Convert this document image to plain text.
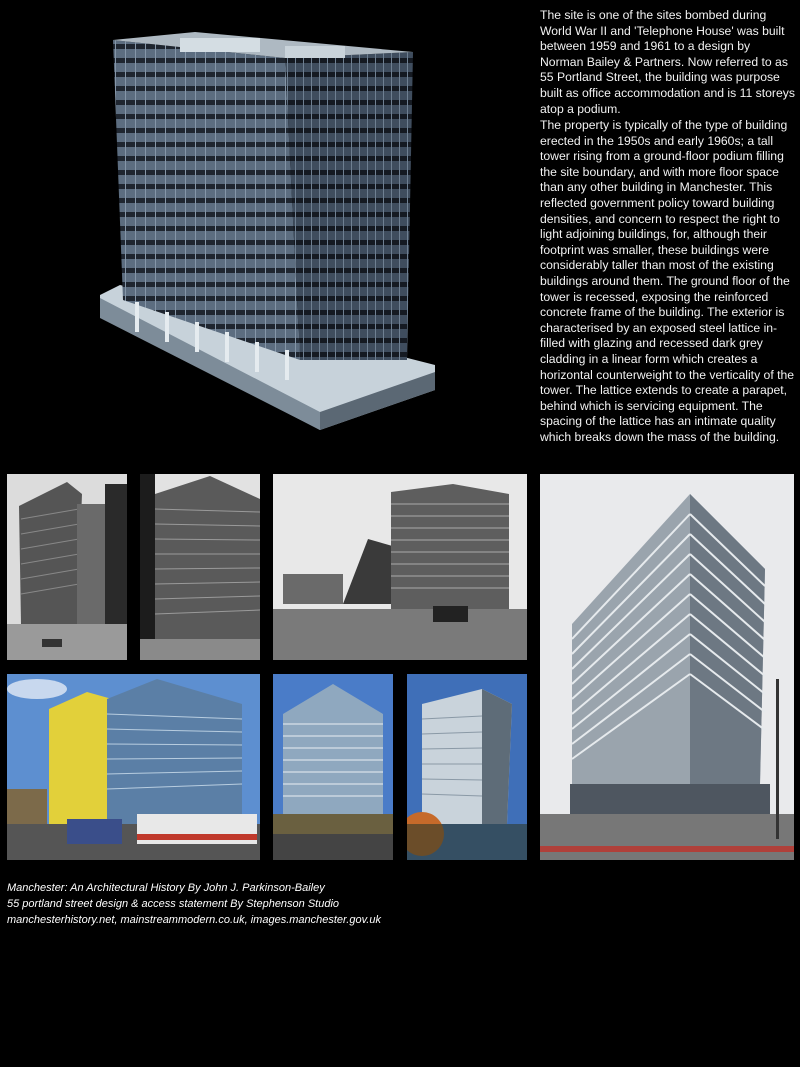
The site is one of the sites bombed during World War II and 'Telephone House' was built between 1959 and 1961 to a design by Norman Bailey & Partners. Now referred to as 55 Portland Street, the building was purpose built as office accommodation and is 11 storeys atop a podium.

The property is typically of the type of building erected in the 1950s and early 1960s; a tall tower rising from a ground-floor podium filling the site boundary, and with more floor space than any other building in Manchester. This reflected government policy toward building densities, and concern to respect the right to light adjoining buildings, for, although their footprint was smaller, these buildings were considerably taller than most of the existing buildings around them. The ground floor of the tower is recessed, exposing the reinforced concrete frame of the building. The exterior is characterised by an exposed steel lattice in-filled with glazing and recessed dark grey cladding in a linear form which creates a horizontal counterweight to the verticality of the tower. The lattice extends to create a parapet, behind which is servicing equipment. The spacing of the lattice has an intimate quality which breaks down the mass of the building.

Manchester: An Architectural History By John J. Parkinson-Bailey
55 portland street design & access statement By Stephenson Studio
manchesterhistory.net, mainstreammodern.co.uk, images.manchester.gov.uk
